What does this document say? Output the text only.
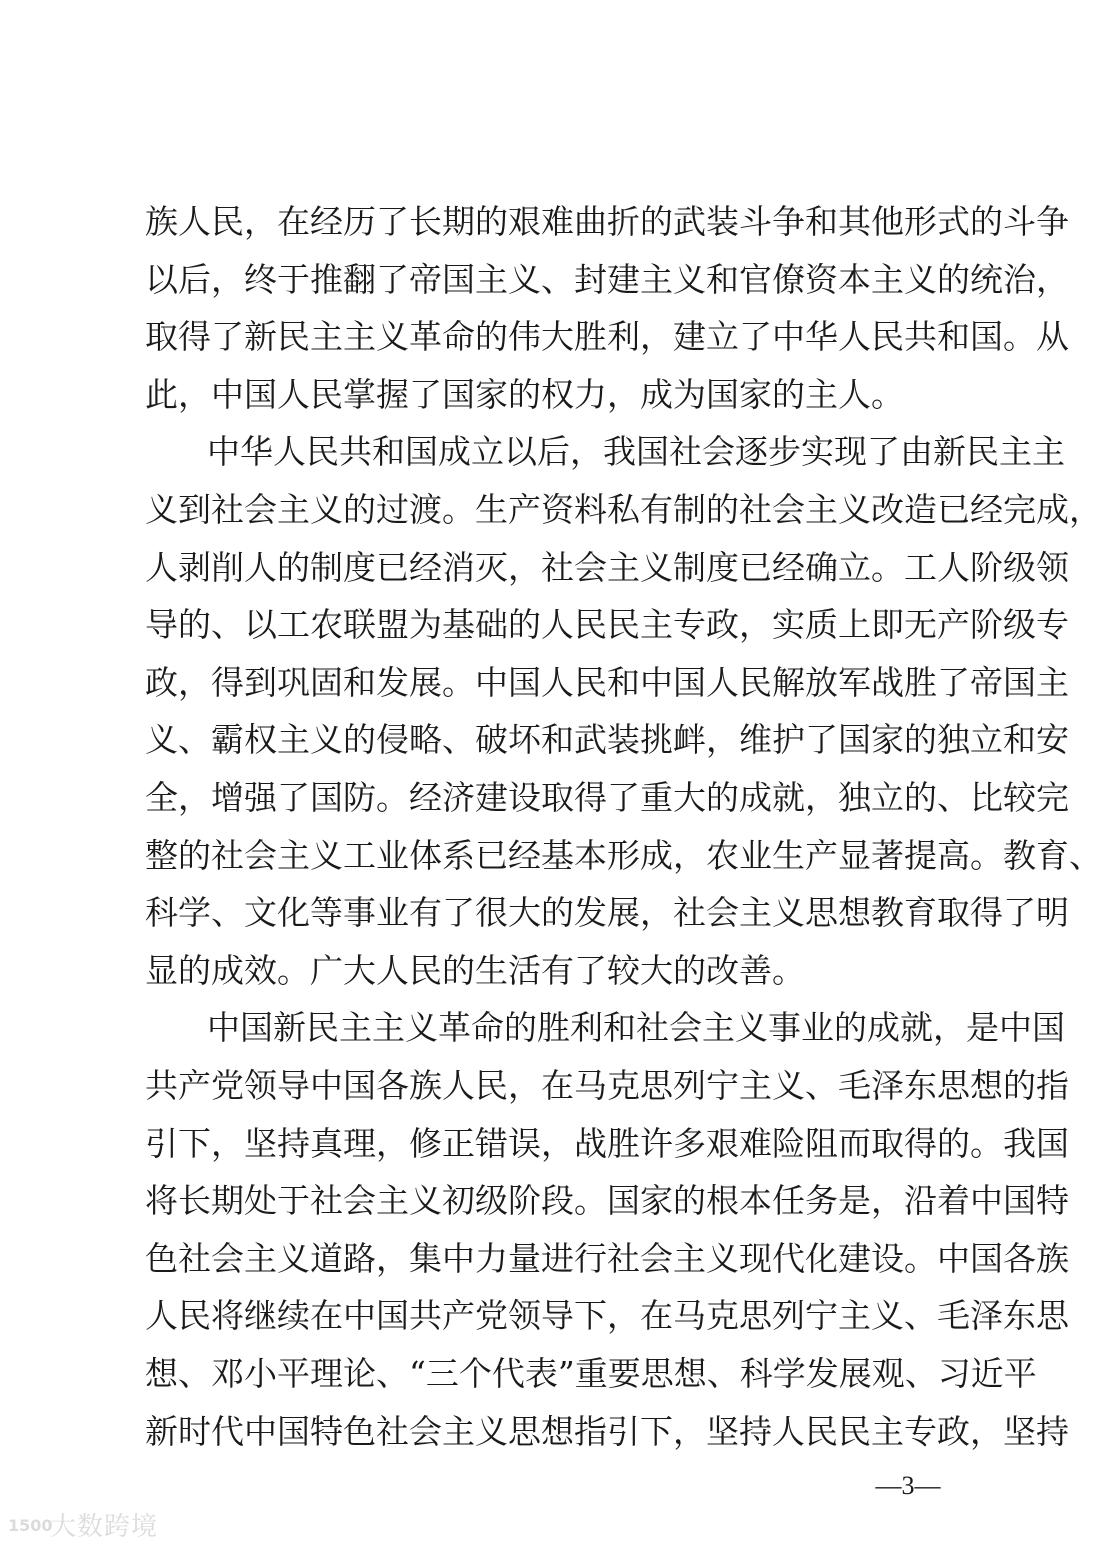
族人民，在经历了长期的艰难曲折的武装斗争和其他形式的斗争
以后，终于推翻了帝国主义、封建主义和官僚资本主义的统治，
取得了新民主主义革命的伟大胜利，建立了中华人民共和国。从
此，中国人民掌握了国家的权力，成为国家的主人。
中华人民共和国成立以后，我国社会逐步实现了由新民主主
义到社会主义的过渡。生产资料私有制的社会主义改造已经完成，
人剥削人的制度已经消灭，社会主义制度已经确立。工人阶级领
导的、以工农联盟为基础的人民民主专政，实质上即无产阶级专
政，得到巩固和发展。中国人民和中国人民解放军战胜了帝国主
义、霸权主义的侵略、破坏和武装挑衅，维护了国家的独立和安
全，增强了国防。经济建设取得了重大的成就，独立的、比较完
整的社会主义工业体系已经基本形成，农业生产显著提高。教育、
科学、文化等事业有了很大的发展，社会主义思想教育取得了明
显的成效。广大人民的生活有了较大的改善。
中国新民主主义革命的胜利和社会主义事业的成就，是中国
共产党领导中国各族人民，在马克思列宁主义、毛泽东思想的指
引下，坚持真理，修正错误，战胜许多艰难险阻而取得的。我国
将长期处于社会主义初级阶段。国家的根本任务是，沿着中国特
色社会主义道路，集中力量进行社会主义现代化建设。中国各族
人民将继续在中国共产党领导下，在马克思列宁主义、毛泽东思
想、邓小平理论、“三个代表”重要思想、科学发展观、习近平
新时代中国特色社会主义思想指引下，坚持人民民主专政，坚持
—3—
1500
大数跨境
